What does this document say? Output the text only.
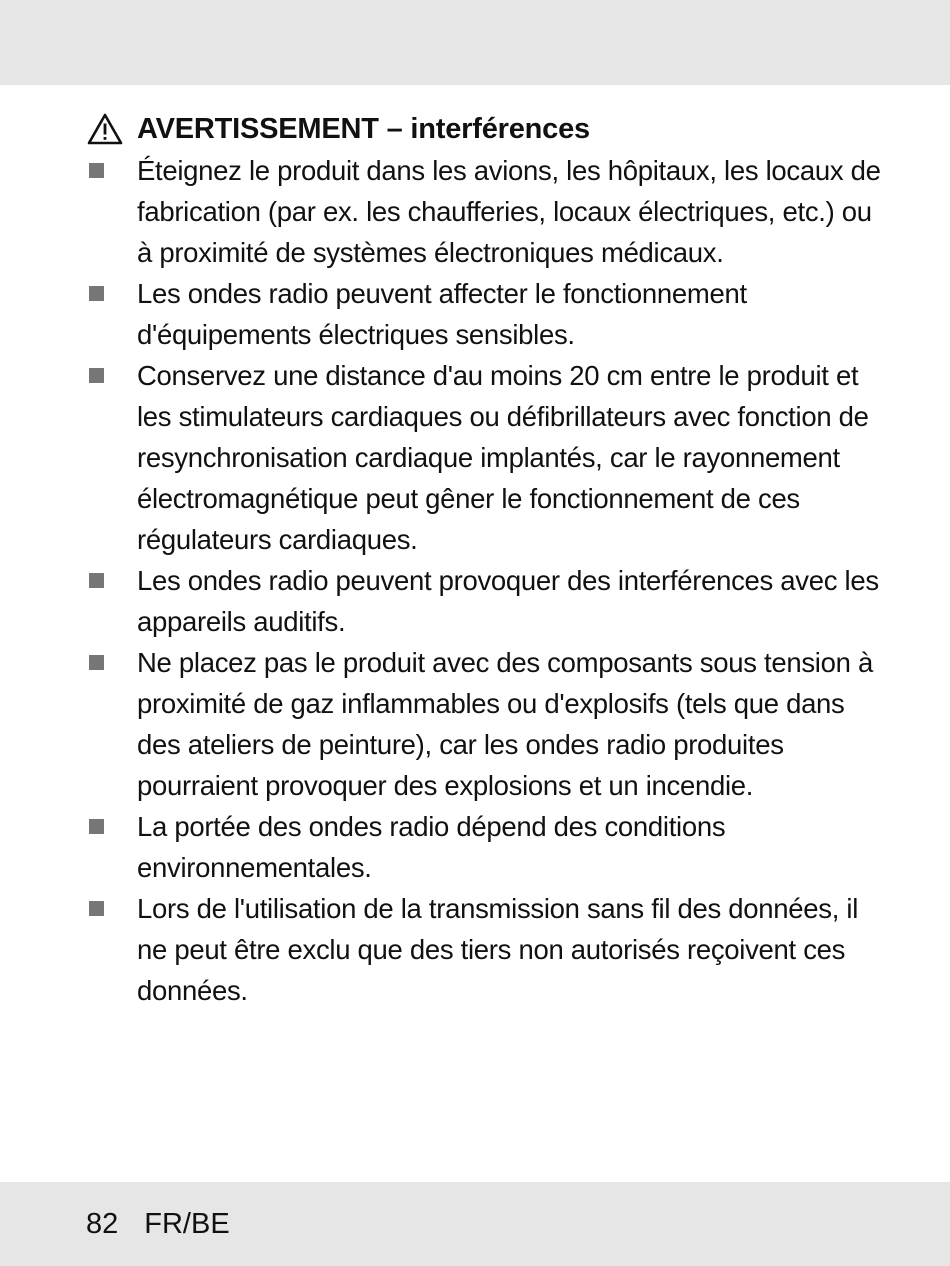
AVERTISSEMENT – interférences
Éteignez le produit dans les avions, les hôpitaux, les locaux de fabrication (par ex. les chaufferies, locaux électriques, etc.) ou à proximité de systèmes électroniques médicaux.
Les ondes radio peuvent affecter le fonctionnement d'équipements électriques sensibles.
Conservez une distance d'au moins 20 cm entre le produit et les stimulateurs cardiaques ou défibrillateurs avec fonction de resynchronisation cardiaque implantés, car le rayonnement électromagnétique peut gêner le fonctionnement de ces régulateurs cardiaques.
Les ondes radio peuvent provoquer des interférences avec les appareils auditifs.
Ne placez pas le produit avec des composants sous tension à proximité de gaz inflammables ou d'explosifs (tels que dans des ateliers de peinture), car les ondes radio produites pourraient provoquer des explosions et un incendie.
La portée des ondes radio dépend des conditions environnementales.
Lors de l'utilisation de la transmission sans fil des données, il ne peut être exclu que des tiers non autorisés reçoivent ces données.
82 FR/BE
